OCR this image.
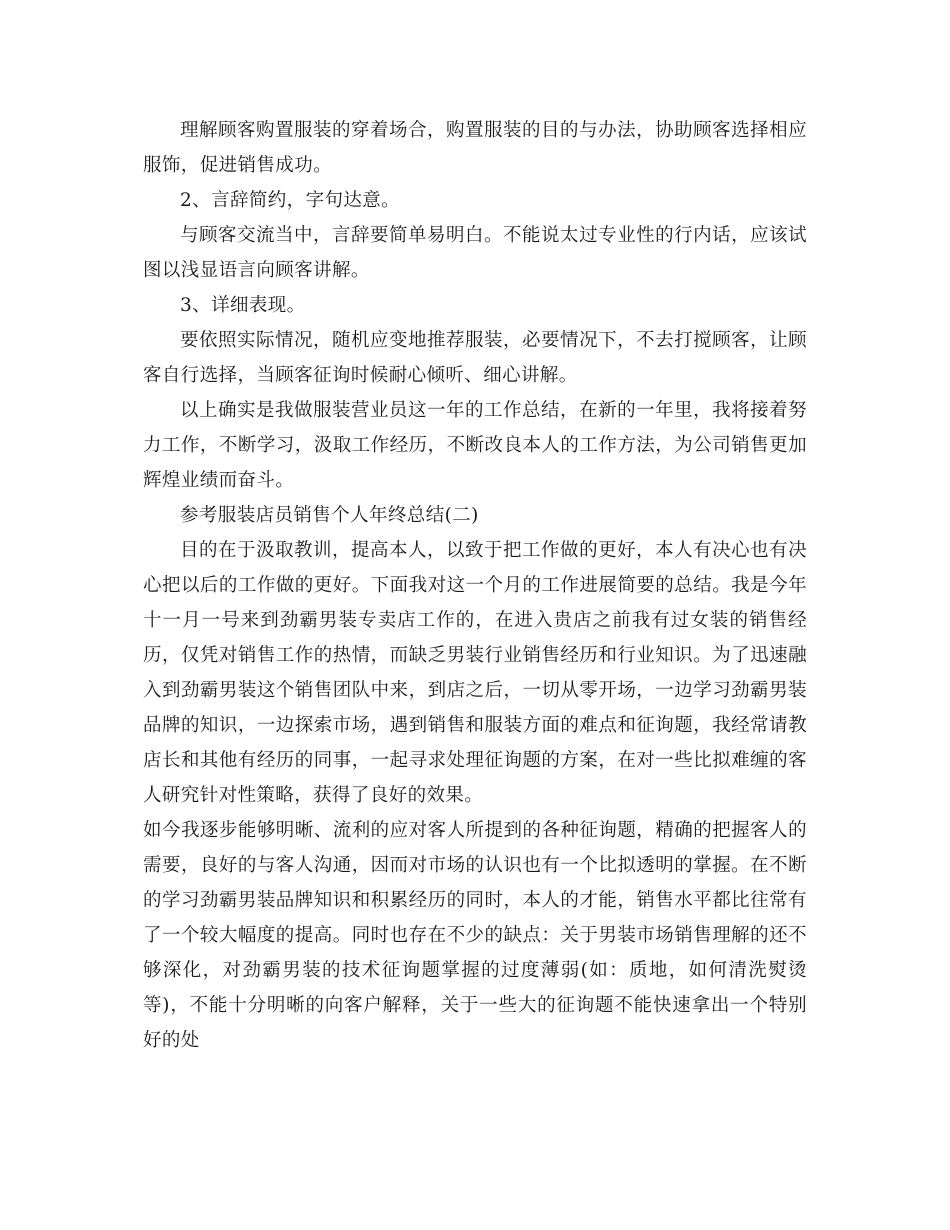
理解顾客购置服装的穿着场合，购置服装的目的与办法，协助顾客选择相应服饰，促进销售成功。

2、言辞简约，字句达意。

与顾客交流当中，言辞要简单易明白。不能说太过专业性的行内话，应该试图以浅显语言向顾客讲解。

3、详细表现。

要依照实际情况，随机应变地推荐服装，必要情况下，不去打搅顾客，让顾客自行选择，当顾客征询时候耐心倾听、细心讲解。

以上确实是我做服装营业员这一年的工作总结，在新的一年里，我将接着努力工作，不断学习，汲取工作经历，不断改良本人的工作方法，为公司销售更加辉煌业绩而奋斗。

参考服装店员销售个人年终总结(二)

目的在于汲取教训，提高本人，以致于把工作做的更好，本人有决心也有决心把以后的工作做的更好。下面我对这一个月的工作进展简要的总结。我是今年十一月一号来到劲霸男装专卖店工作的，在进入贵店之前我有过女装的销售经历，仅凭对销售工作的热情，而缺乏男装行业销售经历和行业知识。为了迅速融入到劲霸男装这个销售团队中来，到店之后，一切从零开场，一边学习劲霸男装品牌的知识，一边探索市场，遇到销售和服装方面的难点和征询题，我经常请教店长和其他有经历的同事，一起寻求处理征询题的方案，在对一些比拟难缠的客人研究针对性策略，获得了良好的效果。

如今我逐步能够明晰、流利的应对客人所提到的各种征询题，精确的把握客人的需要，良好的与客人沟通，因而对市场的认识也有一个比拟透明的掌握。在不断的学习劲霸男装品牌知识和积累经历的同时，本人的才能，销售水平都比往常有了一个较大幅度的提高。同时也存在不少的缺点：关于男装市场销售理解的还不够深化，对劲霸男装的技术征询题掌握的过度薄弱(如：质地，如何清洗熨烫等)，不能十分明晰的向客户解释，关于一些大的征询题不能快速拿出一个特别好的处
